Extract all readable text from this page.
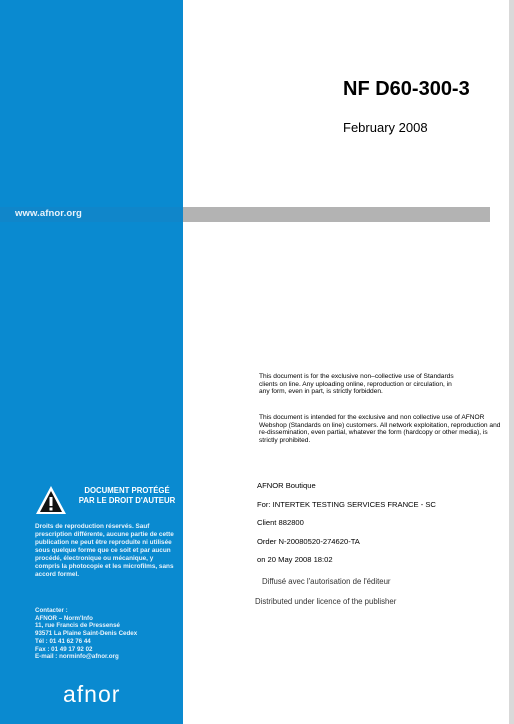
www.afnor.org
NF D60-300-3
February 2008
This document is for the exclusive non–collective use of Standards clients on line. Any uploading online, reproduction or circulation, in any form, even in part, is strictly forbidden.
This document is intended for the exclusive and non collective use of AFNOR Webshop (Standards on line) customers. All network exploitation, reproduction and re-dissemination, even partial, whatever the form (hardcopy or other media), is strictly prohibited.
AFNOR Boutique
For: INTERTEK TESTING SERVICES FRANCE - SC
Client 882800
Order N-20080520-274620-TA
on 20 May 2008 18:02
Diffusé avec l'autorisation de l'éditeur
Distributed under licence of the publisher
DOCUMENT PROTÉGÉ
PAR LE DROIT D'AUTEUR
Droits de reproduction réservés. Sauf prescription différente, aucune partie de cette publication ne peut être reproduite ni utilisée sous quelque forme que ce soit et par aucun procédé, électronique ou mécanique, y compris la photocopie et les microfilms, sans accord formel.
Contacter :
AFNOR – Norm'Info
11, rue Francis de Pressensé
93571 La Plaine Saint-Denis Cedex
Tél : 01 41 62 76 44
Fax : 01 49 17 92 02
E-mail : norminfo@afnor.org
afnor
